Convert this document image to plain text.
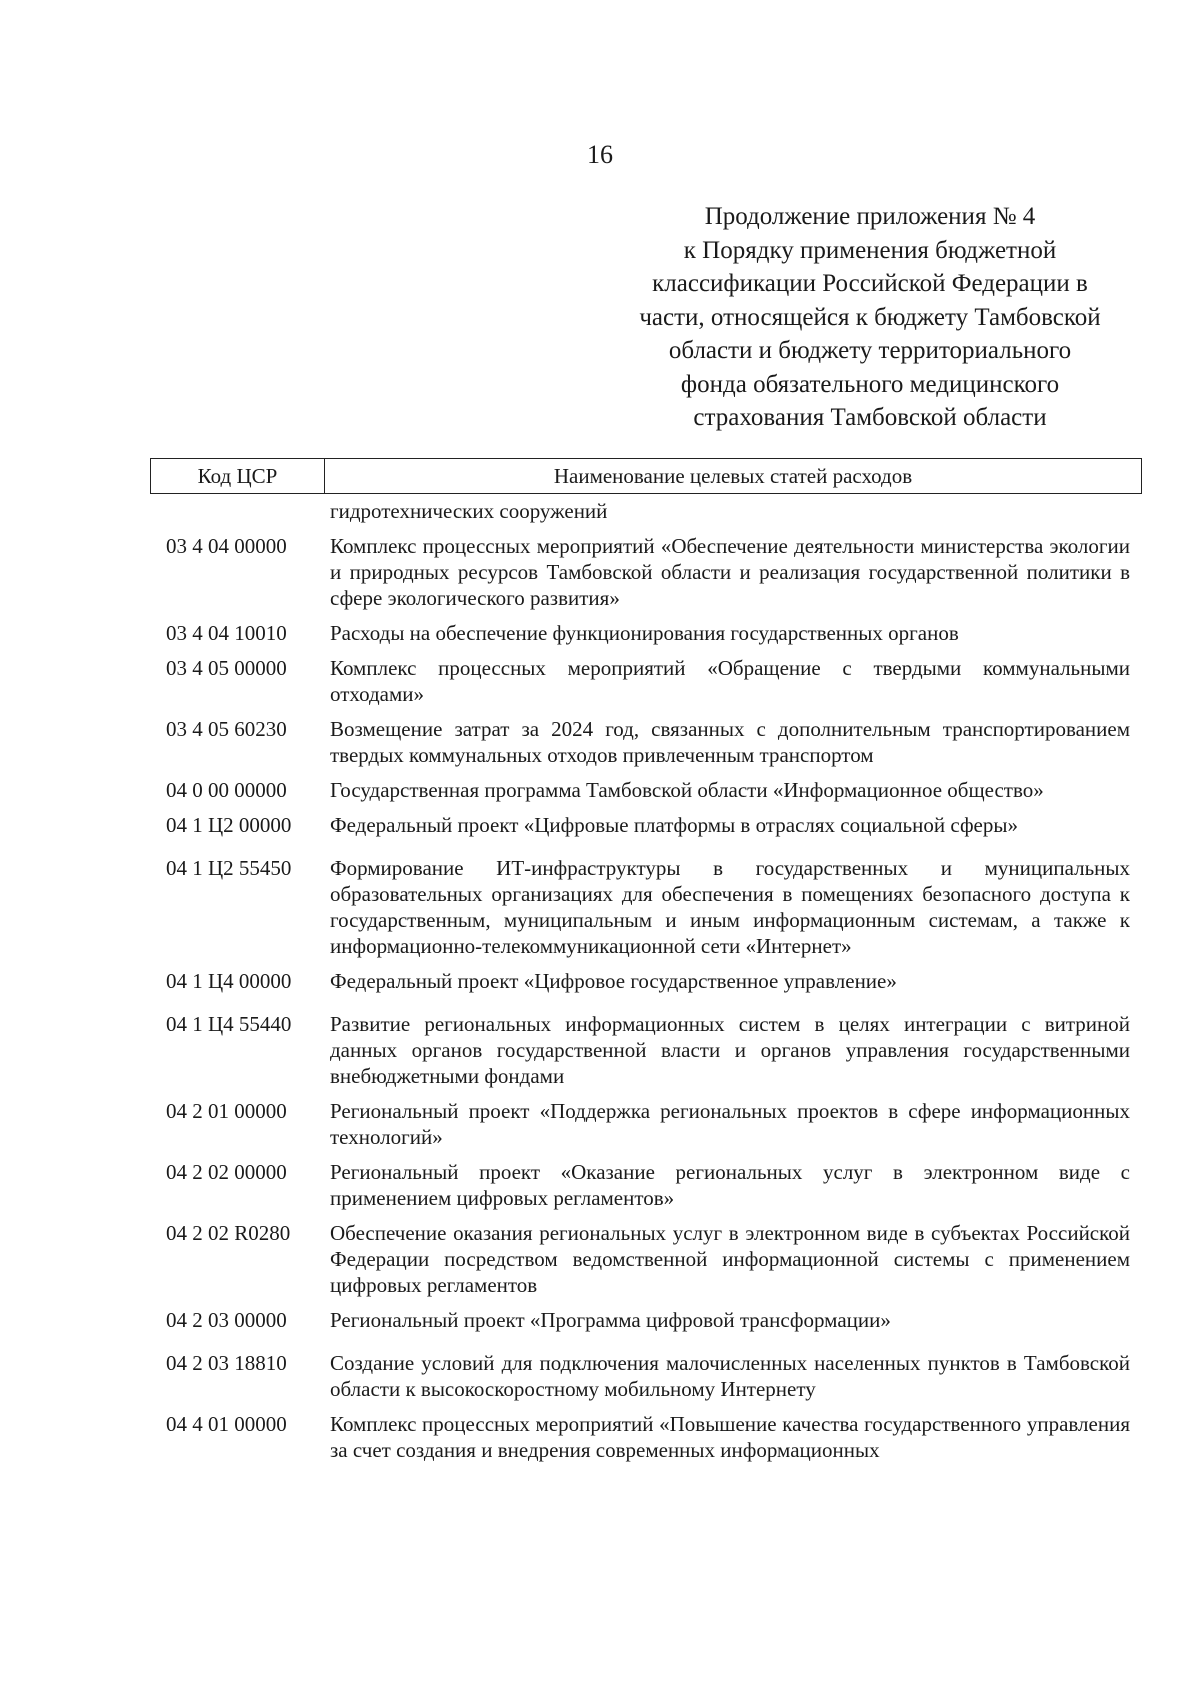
16
Продолжение приложения № 4
к Порядку применения бюджетной
классификации Российской Федерации в
части, относящейся к бюджету Тамбовской
области и бюджету территориального
фонда обязательного медицинского
страхования Тамбовской области
Код ЦСР	Наименование целевых статей расходов
гидротехнических сооружений
03 4 04 00000	Комплекс процессных мероприятий «Обеспечение деятельности министерства экологии и природных ресурсов Тамбовской области и реализация государственной политики в сфере экологического развития»
03 4 04 10010	Расходы на обеспечение функционирования государственных органов
03 4 05 00000	Комплекс процессных мероприятий «Обращение с твердыми коммунальными отходами»
03 4 05 60230	Возмещение затрат за 2024 год, связанных с дополнительным транспортированием твердых коммунальных отходов привлеченным транспортом
04 0 00 00000	Государственная программа Тамбовской области «Информационное общество»
04 1 Ц2 00000	Федеральный проект «Цифровые платформы в отраслях социальной сферы»
04 1 Ц2 55450	Формирование ИТ-инфраструктуры в государственных и муниципальных образовательных организациях для обеспечения в помещениях безопасного доступа к государственным, муниципальным и иным информационным системам, а также к информационно-телекоммуникационной сети «Интернет»
04 1 Ц4 00000	Федеральный проект «Цифровое государственное управление»
04 1 Ц4 55440	Развитие региональных информационных систем в целях интеграции с витриной данных органов государственной власти и органов управления государственными внебюджетными фондами
04 2 01 00000	Региональный проект «Поддержка региональных проектов в сфере информационных технологий»
04 2 02 00000	Региональный проект «Оказание региональных услуг в электронном виде с применением цифровых регламентов»
04 2 02 R0280	Обеспечение оказания региональных услуг в электронном виде в субъектах Российской Федерации посредством ведомственной информационной системы с применением цифровых регламентов
04 2 03 00000	Региональный проект «Программа цифровой трансформации»
04 2 03 18810	Создание условий для подключения малочисленных населенных пунктов в Тамбовской области к высокоскоростному мобильному Интернету
04 4 01 00000	Комплекс процессных мероприятий «Повышение качества государственного управления за счет создания и внедрения современных информационных
